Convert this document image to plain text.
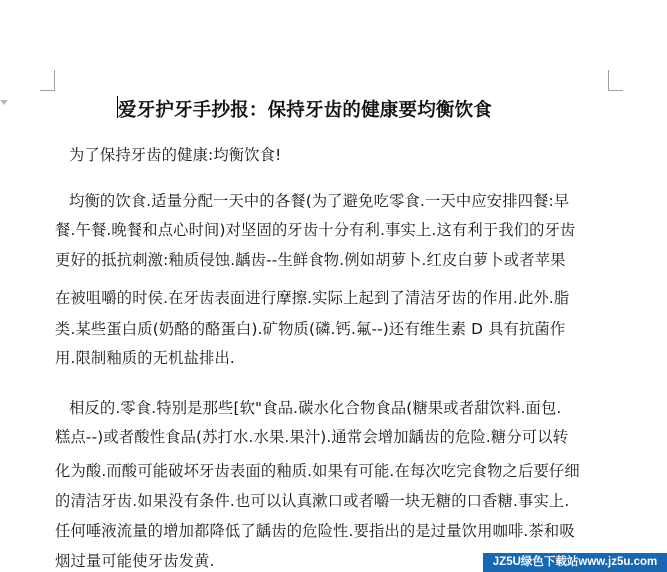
爱牙护牙手抄报：保持牙齿的健康要均衡饮食
为了保持牙齿的健康:均衡饮食!
均衡的饮食.适量分配一天中的各餐(为了避免吃零食.一天中应安排四餐:早
餐.午餐.晚餐和点心时间)对坚固的牙齿十分有利.事实上.这有利于我们的牙齿
更好的抵抗刺激:釉质侵蚀.龋齿--生鲜食物.例如胡萝卜.红皮白萝卜或者苹果
在被咀嚼的时侯.在牙齿表面进行摩擦.实际上起到了清洁牙齿的作用.此外.脂
类.某些蛋白质(奶酪的酪蛋白).矿物质(磷.钙.氟--)还有维生素 D 具有抗菌作
用.限制釉质的无机盐排出.
相反的.零食.特别是那些[软"食品.碳水化合物食品(糖果或者甜饮料.面包.
糕点--)或者酸性食品(苏打水.水果.果汁).通常会增加龋齿的危险.糖分可以转
化为酸.而酸可能破坏牙齿表面的釉质.如果有可能.在每次吃完食物之后要仔细
的清洁牙齿.如果没有条件.也可以认真漱口或者嚼一块无糖的口香糖.事实上.
任何唾液流量的增加都降低了龋齿的危险性.要指出的是过量饮用咖啡.茶和吸
烟过量可能使牙齿发黄.	JZ5U绿色下载站www.jz5u.com
